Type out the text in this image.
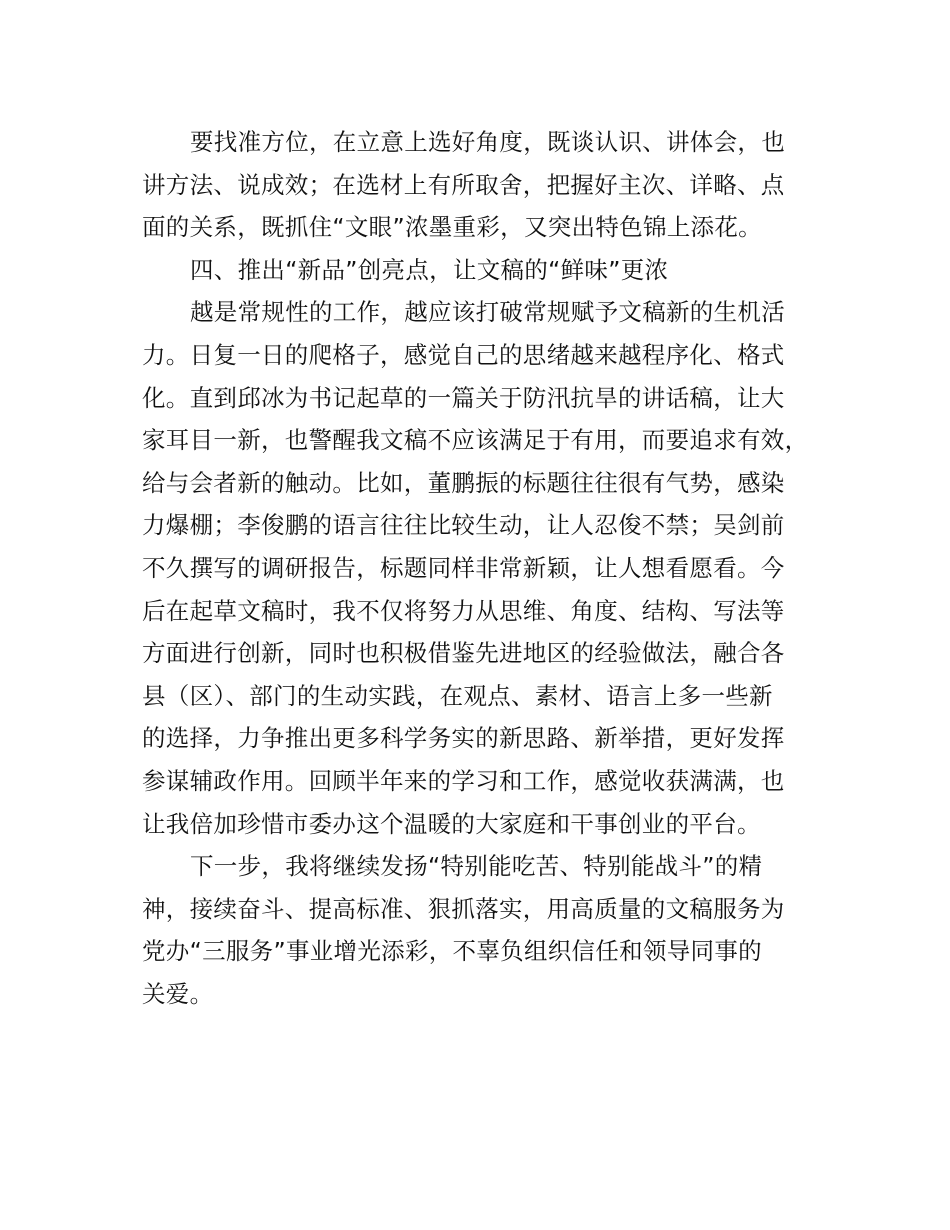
要找准方位，在立意上选好角度，既谈认识、讲体会，也
讲方法、说成效；在选材上有所取舍，把握好主次、详略、点
面的关系，既抓住“文眼”浓墨重彩，又突出特色锦上添花。
四、推出“新品”创亮点，让文稿的“鲜味”更浓
越是常规性的工作，越应该打破常规赋予文稿新的生机活
力。日复一日的爬格子，感觉自己的思绪越来越程序化、格式
化。直到邱冰为书记起草的一篇关于防汛抗旱的讲话稿，让大
家耳目一新，也警醒我文稿不应该满足于有用，而要追求有效，
给与会者新的触动。比如，董鹏振的标题往往很有气势，感染
力爆棚；李俊鹏的语言往往比较生动，让人忍俊不禁；吴剑前
不久撰写的调研报告，标题同样非常新颖，让人想看愿看。今
后在起草文稿时，我不仅将努力从思维、角度、结构、写法等
方面进行创新，同时也积极借鉴先进地区的经验做法，融合各
县（区）、部门的生动实践，在观点、素材、语言上多一些新
的选择，力争推出更多科学务实的新思路、新举措，更好发挥
参谋辅政作用。回顾半年来的学习和工作，感觉收获满满，也
让我倍加珍惜市委办这个温暖的大家庭和干事创业的平台。
下一步，我将继续发扬“特别能吃苦、特别能战斗”的精
神，接续奋斗、提高标准、狠抓落实，用高质量的文稿服务为
党办“三服务”事业增光添彩，不辜负组织信任和领导同事的
关爱。
